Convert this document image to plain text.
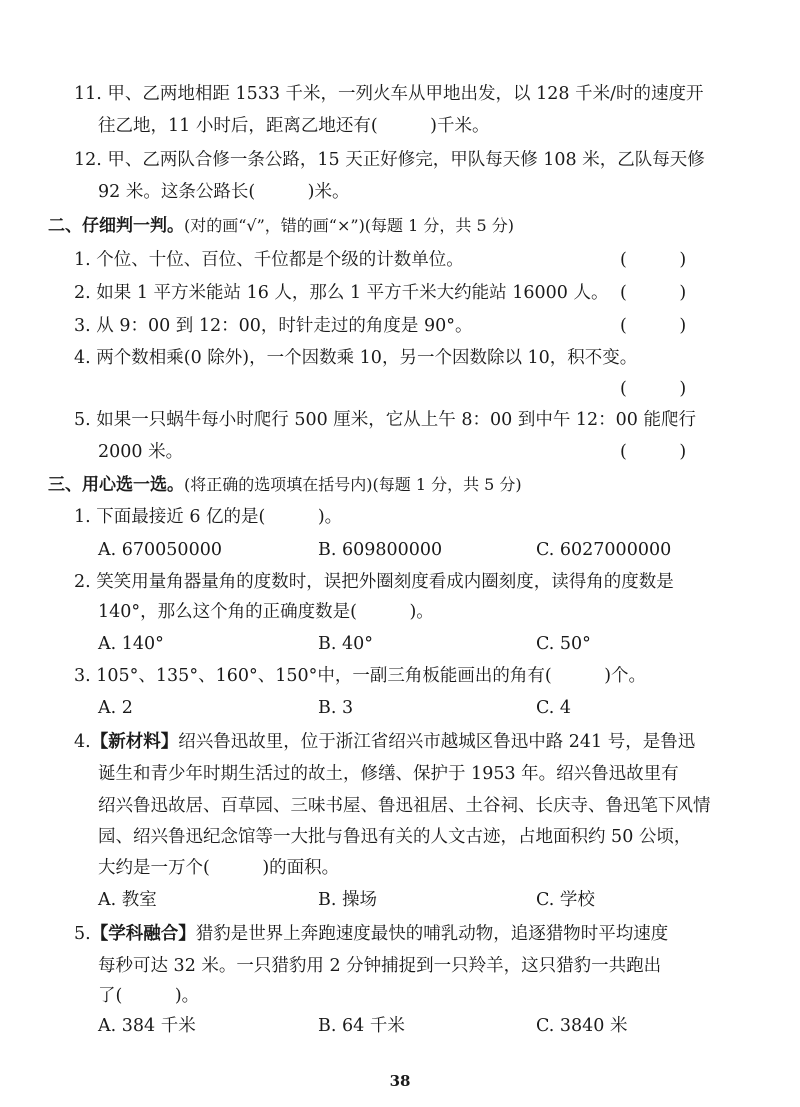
11. 甲、乙两地相距 1533 千米，一列火车从甲地出发，以 128 千米/时的速度开
往乙地，11 小时后，距离乙地还有(　　　)千米。
12. 甲、乙两队合修一条公路，15 天正好修完，甲队每天修 108 米，乙队每天修
92 米。这条公路长(　　　)米。
二、仔细判一判。(对的画“√”，错的画“×”)(每题 1 分，共 5 分)
1. 个位、十位、百位、千位都是个级的计数单位。	(　　　)
2. 如果 1 平方米能站 16 人，那么 1 平方千米大约能站 16000 人。 (　　　)
3. 从 9：00 到 12：00，时针走过的角度是 90°。	(　　　)
4. 两个数相乘(0 除外)，一个因数乘 10，另一个因数除以 10，积不变。
(　　　)
5. 如果一只蜗牛每小时爬行 500 厘米，它从上午 8：00 到中午 12：00 能爬行
2000 米。	(　　　)
三、用心选一选。(将正确的选项填在括号内)(每题 1 分，共 5 分)
1. 下面最接近 6 亿的是(　　　)。
A. 670050000	B. 609800000	C. 6027000000
2. 笑笑用量角器量角的度数时，误把外圈刻度看成内圈刻度，读得角的度数是
140°，那么这个角的正确度数是(　　　)。
A. 140°	B. 40°	C. 50°
3. 105°、135°、160°、150°中，一副三角板能画出的角有(　　　)个。
A. 2	B. 3	C. 4
4.【新材料】绍兴鲁迅故里，位于浙江省绍兴市越城区鲁迅中路 241 号，是鲁迅
诞生和青少年时期生活过的故土，修缮、保护于 1953 年。绍兴鲁迅故里有
绍兴鲁迅故居、百草园、三味书屋、鲁迅祖居、土谷祠、长庆寺、鲁迅笔下风情
园、绍兴鲁迅纪念馆等一大批与鲁迅有关的人文古迹，占地面积约 50 公顷，
大约是一万个(　　　)的面积。
A. 教室	B. 操场	C. 学校
5.【学科融合】猎豹是世界上奔跑速度最快的哺乳动物，追逐猎物时平均速度
每秒可达 32 米。一只猎豹用 2 分钟捕捉到一只羚羊，这只猎豹一共跑出
了(　　　)。
A. 384 千米	B. 64 千米	C. 3840 米
38
